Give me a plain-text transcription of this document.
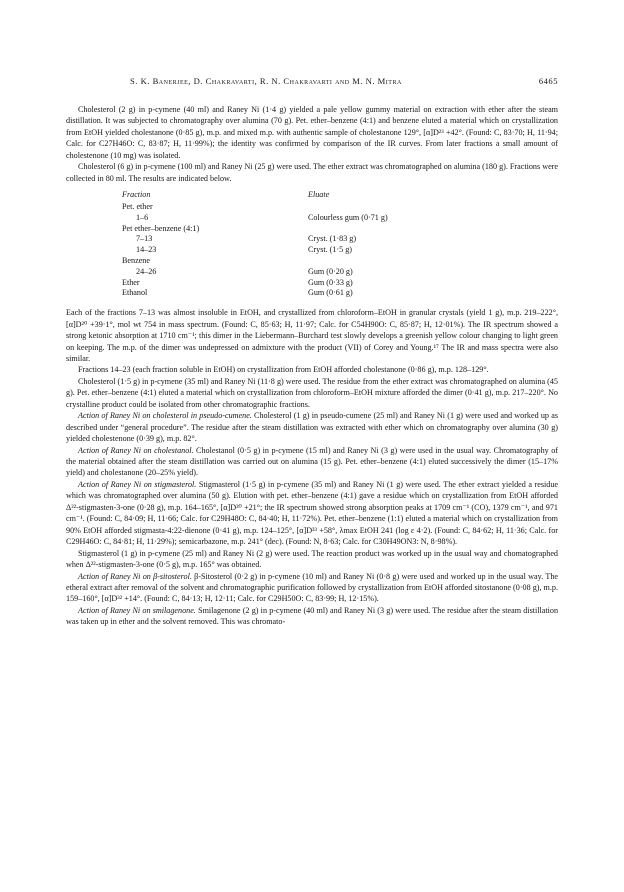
S. K. Banerjee, D. Chakravarti, R. N. Chakravarti and M. N. Mitra	6465

Cholesterol (2 g) in p-cymene (40 ml) and Raney Ni (1·4 g) yielded a pale yellow gummy material on extraction with ether after the steam distillation. It was subjected to chromatography over alumina (70 g). Pet. ether–benzene (4:1) and benzene eluted a material which on crystallization from EtOH yielded cholestanone (0·85 g), m.p. and mixed m.p. with authentic sample of cholestanone 129°, [α]D²³ +42°. (Found: C, 83·70; H, 11·94; Calc. for C27H46O: C, 83·87; H, 11·99%); the identity was confirmed by comparison of the IR curves. From later fractions a small amount of cholestenone (10 mg) was isolated.

Cholesterol (6 g) in p-cymene (100 ml) and Raney Ni (25 g) were used. The ether extract was chromatographed on alumina (180 g). Fractions were collected in 80 ml. The results are indicated below.

Fraction	Eluate
Pet. ether	
1–6	Colourless gum (0·71 g)
Pet ether–benzene (4:1)	
7–13	Cryst. (1·83 g)
14–23	Cryst. (1·5 g)
Benzene	
24–26	Gum (0·20 g)
Ether	Gum (0·33 g)
Ethanol	Gum (0·61 g)

Each of the fractions 7–13 was almost insoluble in EtOH, and crystallized from chloroform–EtOH in granular crystals (yield 1 g), m.p. 219–222°, [α]D²⁰ +39·1°, mol wt 754 in mass spectrum. (Found: C, 85·63; H, 11·97; Calc. for C54H90O: C, 85·87; H, 12·01%). The IR spectrum showed a strong ketonic absorption at 1710 cm⁻¹; this dimer in the Liebermann–Burchard test slowly develops a greenish yellow colour changing to light green on keeping. The m.p. of the dimer was undepressed on admixture with the product (VII) of Corey and Young.¹⁷ The IR and mass spectra were also similar.

Fractions 14–23 (each fraction soluble in EtOH) on crystallization from EtOH afforded cholestanone (0·86 g), m.p. 128–129°.

Cholesterol (1·5 g) in p-cymene (35 ml) and Raney Ni (11·8 g) were used. The residue from the ether extract was chromatographed on alumina (45 g). Pet. ether–benzene (4:1) eluted a material which on crystallization from chloroform–EtOH mixture afforded the dimer (0·41 g), m.p. 217–220°. No crystalline product could be isolated from other chromatographic fractions.

Action of Raney Ni on cholesterol in pseudo-cumene. Cholesterol (1 g) in pseudo-cumene (25 ml) and Raney Ni (1 g) were used and worked up as described under “general procedure”. The residue after the steam distillation was extracted with ether which on chromatography over alumina (30 g) yielded cholestenone (0·39 g), m.p. 82°.

Action of Raney Ni on cholestanol. Cholestanol (0·5 g) in p-cymene (15 ml) and Raney Ni (3 g) were used in the usual way. Chromatography of the material obtained after the steam distillation was carried out on alumina (15 g). Pet. ether–benzene (4:1) eluted successively the dimer (15–17% yield) and cholestanone (20–25% yield).

Action of Raney Ni on stigmasterol. Stigmasterol (1·5 g) in p-cymene (35 ml) and Raney Ni (1 g) were used. The ether extract yielded a residue which was chromatographed over alumina (50 g). Elution with pet. ether–benzene (4:1) gave a residue which on crystallization from EtOH afforded Δ²²-stigmasten-3-one (0·28 g), m.p. 164–165°, [α]D³⁰ +21°; the IR spectrum showed strong absorption peaks at 1709 cm⁻¹ (CO), 1379 cm⁻¹, and 971 cm⁻¹. (Found: C, 84·09; H, 11·66; Calc. for C29H48O: C, 84·40; H, 11·72%). Pet. ether–benzene (1:1) eluted a material which on crystallization from 90% EtOH afforded stigmasta-4:22-dienone (0·41 g), m.p. 124–125°, [α]D³³ +58°, λmax EtOH 241 (log ε 4·2). (Found: C, 84·62; H, 11·36; Calc. for C29H46O: C, 84·81; H, 11·29%); semicarbazone, m.p. 241° (dec). (Found: N, 8·63; Calc. for C30H49ON3: N, 8·98%).

Stigmasterol (1 g) in p-cymene (25 ml) and Raney Ni (2 g) were used. The reaction product was worked up in the usual way and chomatographed when Δ²²-stigmasten-3-one (0·5 g), m.p. 165° was obtained.

Action of Raney Ni on β-sitosterol. β-Sitosterol (0·2 g) in p-cymene (10 ml) and Raney Ni (0·8 g) were used and worked up in the usual way. The etheral extract after removal of the solvent and chromatographic purification followed by crystallization from EtOH afforded sitostanone (0·08 g), m.p. 159–160°, [α]D³² +14°. (Found: C, 84·13; H, 12·11; Calc. for C29H50O: C, 83·99; H, 12·15%).

Action of Raney Ni on smilagenone. Smilagenone (2 g) in p-cymene (40 ml) and Raney Ni (3 g) were used. The residue after the steam distillation was taken up in ether and the solvent removed. This was chromato-
